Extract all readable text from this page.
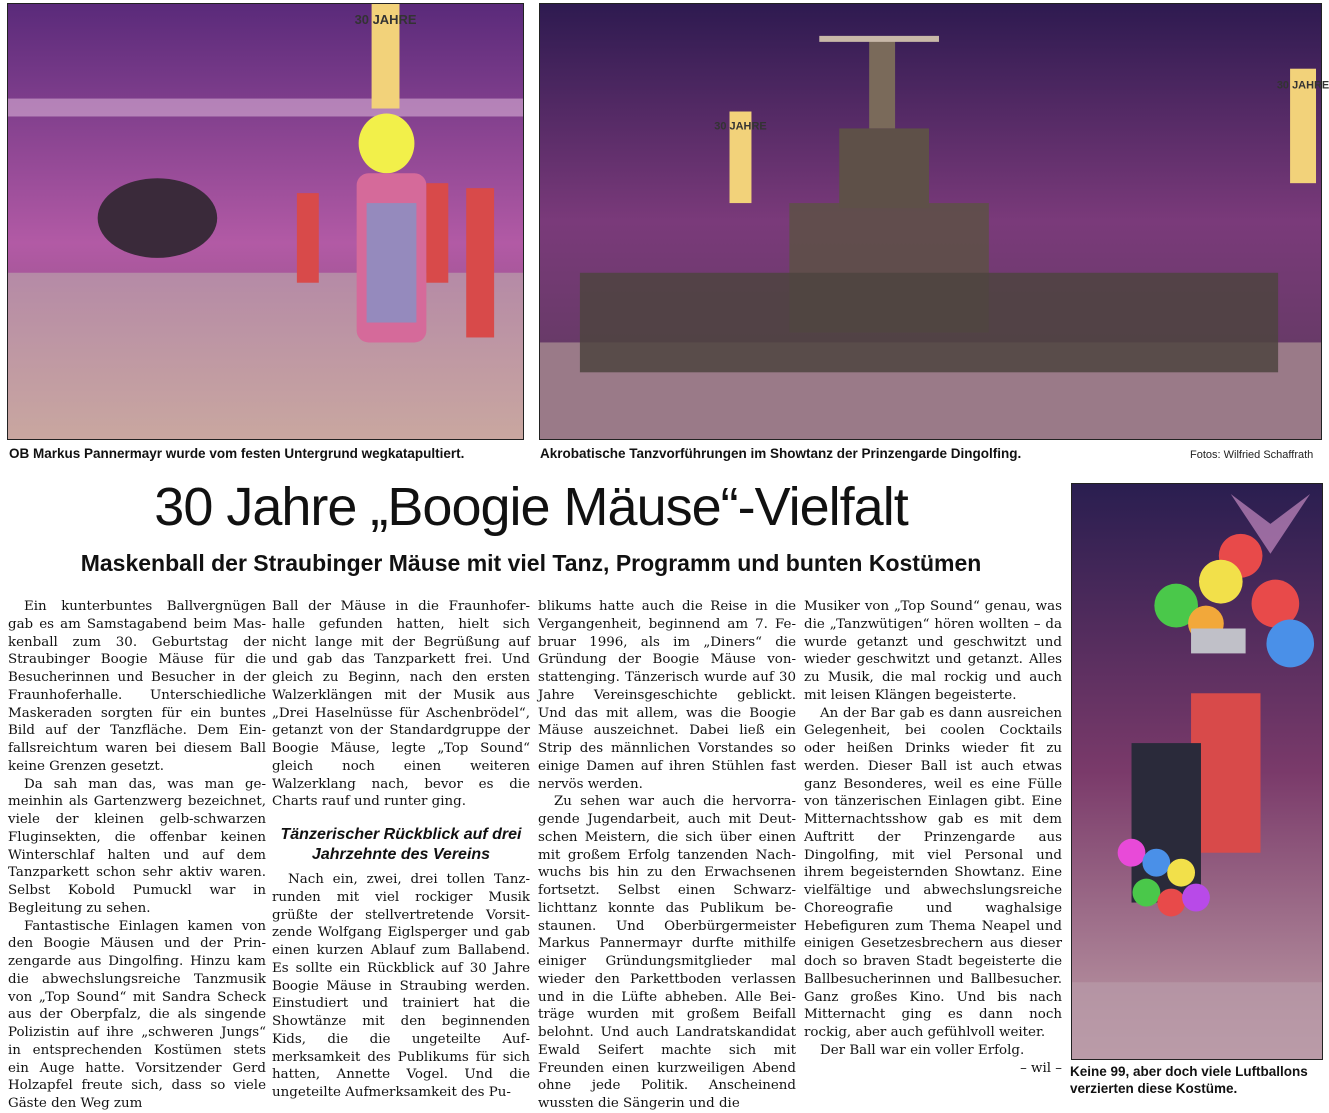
30 JAHRE
30 JAHRE
30 JAHRE
OB Markus Pannermayr wurde vom festen Untergrund wegkatapultiert.	Akrobatische Tanzvorführungen im Showtanz der Prinzengarde Dingolfing.	Fotos: Wilfried Schaffrath
Keine 99, aber doch viele Luftballons
verzierten diese Kostüme.
30 Jahre „Boogie Mäuse“-Vielfalt
Maskenball der Straubinger Mäuse mit viel Tanz, Programm und bunten Kostümen

Ein kunterbuntes Ballvergnügen gab es am Samstagabend beim Maskenball zum 30. Geburtstag der Straubinger Boogie Mäuse für die Besucherinnen und Besucher in der Fraunhoferhalle. Unterschiedliche Maskeraden sorgten für ein buntes Bild auf der Tanzfläche. Dem Einfallsreichtum waren bei diesem Ball keine Grenzen gesetzt.

Da sah man das, was man gemeinhin als Gartenzwerg bezeichnet, viele der kleinen gelb-schwarzen Fluginsekten, die offenbar keinen Winterschlaf halten und auf dem Tanzparkett schon sehr aktiv waren. Selbst Kobold Pumuckl war in Begleitung zu sehen.

Fantastische Einlagen kamen von den Boogie Mäusen und der Prinzengarde aus Dingolfing. Hinzu kam die abwechslungsreiche Tanzmusik von „Top Sound“ mit Sandra Scheck aus der Oberpfalz, die als singende Polizistin auf ihre „schweren Jungs“ in entsprechenden Kostümen stets ein Auge hatte. Vorsitzender Gerd Holzapfel freute sich, dass so viele Gäste den Weg zum

Ball der Mäuse in die Fraunhoferhalle gefunden hatten, hielt sich nicht lange mit der Begrüßung auf und gab das Tanzparkett frei. Und gleich zu Beginn, nach den ersten Walzerklängen mit der Musik aus „Drei Haselnüsse für Aschenbrödel“, getanzt von der Standardgruppe der Boogie Mäuse, legte „Top Sound“ gleich noch einen weiteren Walzerklang nach, bevor es die Charts rauf und runter ging.

Tänzerischer Rückblick auf drei Jahrzehnte des Vereins

Nach ein, zwei, drei tollen Tanzrunden mit viel rockiger Musik grüßte der stellvertretende Vorsitzende Wolfgang Eiglsperger und gab einen kurzen Ablauf zum Ballabend. Es sollte ein Rückblick auf 30 Jahre Boogie Mäuse in Straubing werden. Einstudiert und trainiert hat die Showtänze mit den beginnenden Kids, die die ungeteilte Aufmerksamkeit des Publikums für sich hatten, Annette Vogel. Und die ungeteilte Aufmerksamkeit des Pu-

blikums hatte auch die Reise in die Vergangenheit, beginnend am 7. Februar 1996, als im „Diners“ die Gründung der Boogie Mäuse vonstattenging. Tänzerisch wurde auf 30 Jahre Vereinsgeschichte geblickt. Und das mit allem, was die Boogie Mäuse auszeichnet. Dabei ließ ein Strip des männlichen Vorstandes so einige Damen auf ihren Stühlen fast nervös werden.

Zu sehen war auch die hervorragende Jugendarbeit, auch mit Deutschen Meistern, die sich über einen mit großem Erfolg tanzenden Nachwuchs bis hin zu den Erwachsenen fortsetzt. Selbst einen Schwarzlichttanz konnte das Publikum bestaunen. Und Oberbürgermeister Markus Pannermayr durfte mithilfe einiger Gründungsmitglieder mal wieder den Parkettboden verlassen und in die Lüfte abheben. Alle Beiträge wurden mit großem Beifall belohnt. Und auch Landratskandidat Ewald Seifert machte sich mit Freunden einen kurzweiligen Abend ohne jede Politik. Anscheinend wussten die Sängerin und die

Musiker von „Top Sound“ genau, was die „Tanzwütigen“ hören wollten – da wurde getanzt und geschwitzt und wieder geschwitzt und getanzt. Alles zu Musik, die mal rockig und auch mit leisen Klängen begeisterte.

An der Bar gab es dann ausreichen Gelegenheit, bei coolen Cocktails oder heißen Drinks wieder fit zu werden. Dieser Ball ist auch etwas ganz Besonderes, weil es eine Fülle von tänzerischen Einlagen gibt. Eine Mitternachtsshow gab es mit dem Auftritt der Prinzengarde aus Dingolfing, mit viel Personal und ihrem begeisternden Showtanz. Eine vielfältige und abwechslungsreiche Choreografie und waghalsige Hebefiguren zum Thema Neapel und einigen Gesetzesbrechern aus dieser doch so braven Stadt begeisterte die Ballbesucherinnen und Ballbesucher. Ganz großes Kino. Und bis nach Mitternacht ging es dann noch rockig, aber auch gefühlvoll weiter.

Der Ball war ein voller Erfolg.

– wil –
